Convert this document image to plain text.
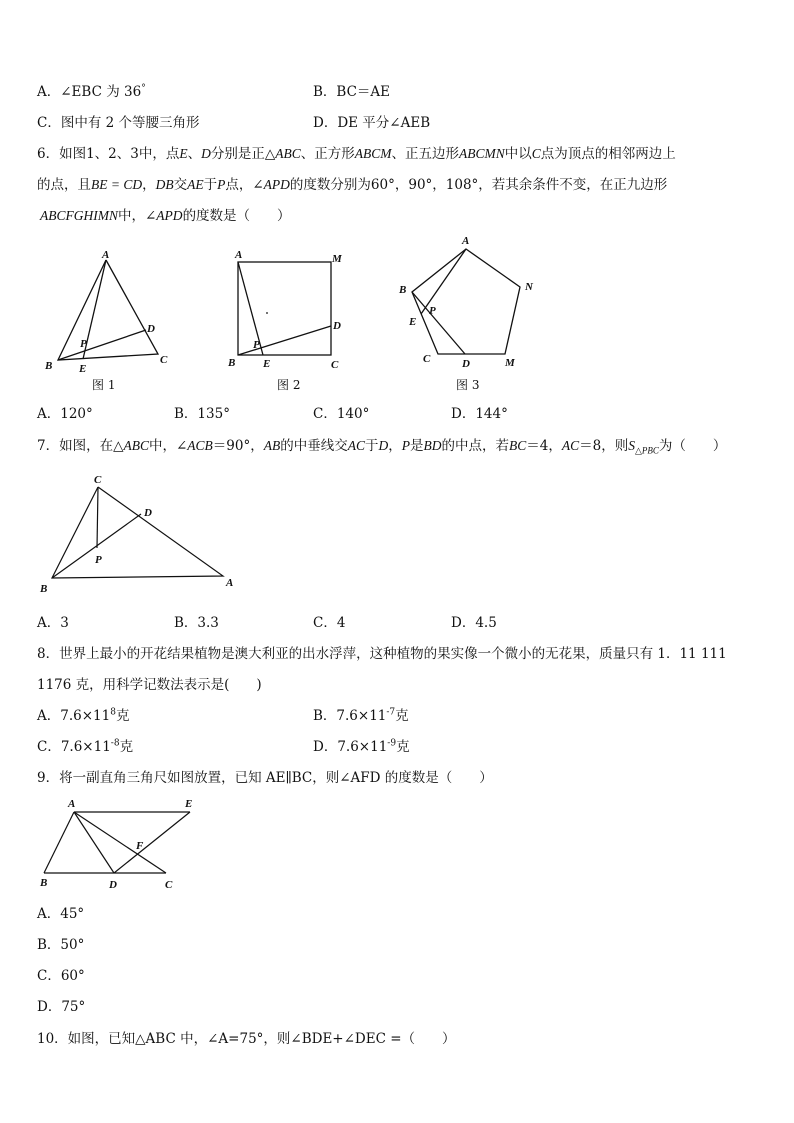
A．∠EBC 为 36°	B．BC＝AE
C．图中有 2 个等腰三角形	D．DE 平分∠AEB
6．如图1、2、3中，点E、D分别是正△ABC、正方形ABCM、正五边形ABCMN中以C点为顶点的相邻两边上
的点，且BE = CD，DB交AE于P点，∠APD的度数分别为60°，90°，108°，若其余条件不变，在正九边形
ABCFGHIMN中，∠APD的度数是（　　）
A
B	C
D
E
P
图 1
A	M
B	C
D
E
P
图 2
A
N
B
E
P
C	D	M
图 3
A．120°	B．135°	C．140°	D．144°
7．如图，在△ABC中，∠ACB＝90°，AB的中垂线交AC于D，P是BD的中点，若BC＝4，AC＝8，则$S_{\triangle PBC}$为（　　）
C
D
P
B	A
A．3	B．3.3	C．4	D．4.5
8．世界上最小的开花结果植物是澳大利亚的出水浮萍，这种植物的果实像一个微小的无花果，质量只有 1．11 111
1176 克，用科学记数法表示是(　　)
A．$7.6\times 11^8$克	B．$7.6\times 11^{-7}$克
C．$7.6\times 11^{-8}$克	D．$7.6\times 11^{-9}$克
9．将一副直角三角尺如图放置，已知 AE∥BC，则∠AFD 的度数是（　　）
A	E
F
B	D	C
A．45°
B．50°
C．60°
D．75°
10．如图，已知△ABC 中，∠A=75°，则∠BDE+∠DEC =（　　）
